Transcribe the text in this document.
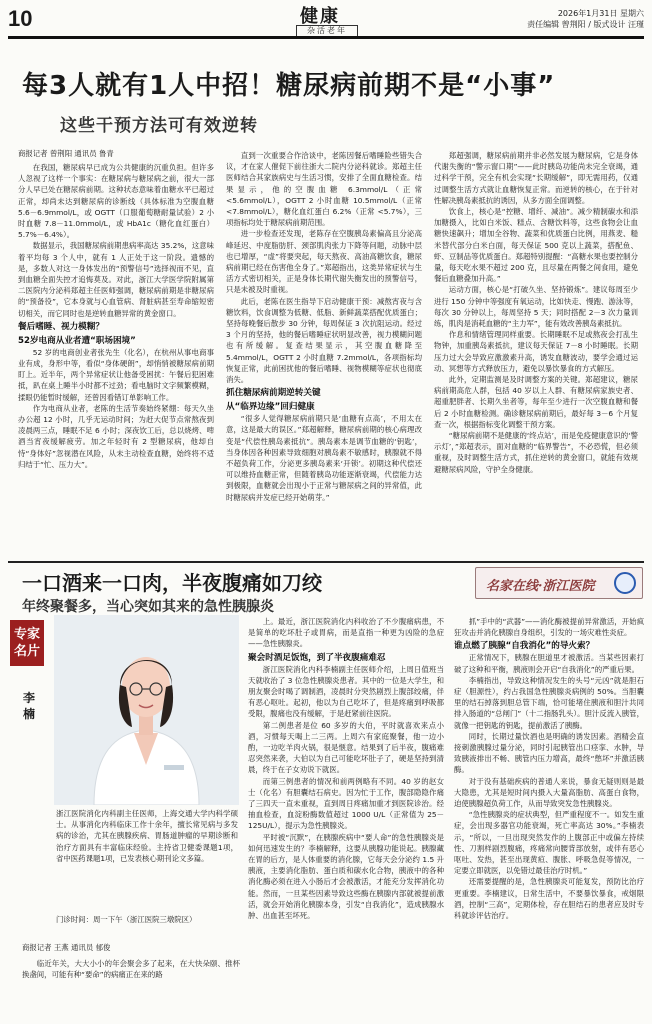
10	健康
杂活老年
2026年1月31日 星期六
责任编辑 曾荆阳 / 版式设计 汪瑾
每3人就有1人中招！糖尿病前期不是“小事”
这些干预方法可有效逆转
商报记者 曾荆阳 通讯员 鲁青

在我国，糖尿病早已成为公共健康的沉重负担。但许多人忽视了这样一个事实：在糖尿病与糖尿病之前，很大一部分人早已处在糖尿病前期。这种状态意味着血糖水平已超过正常，却尚未达到糖尿病的诊断线（具体标准为空腹血糖 5.6－6.9mmol/L，或 OGTT（口服葡萄糖耐量试验）2 小时血糖 7.8－11.0mmol/L，或 HbA1c（糖化血红蛋白）5.7%－6.4%）。

数据显示，我国糖尿病前期患病率高达 35.2%，这意味着平均每 3 个人中，就有 1 人正处于这一阶段。遗憾的是，多数人对这一身体发出的“预警信号”选择视而不见，直到血糖全面失控才追悔莫及。对此，浙江大学医学院附属第二医院内分泌科郑超主任医师强调，糖尿病前期是非糖尿病的“预备役”，它本身就与心血管病、肾脏病甚至寿命缩短密切相关，而它同时也是逆转血糖异常的黄金窗口。

餐后嗜睡、视力模糊？

52岁电商从业者遭“职场困境”

52 岁的电商创业者张先生（化名），在杭州从事电商事业有成，身形中等，看似“身体硬朗”，却悄悄被糖尿病前期盯上。近半年，两个异常症状让他备受困扰：午餐后犯困难抵，趴在桌上睡半小时都不过劲；看电脑时文字频繁模糊，揉眼仍能暂时缓解，还曾因看错订单影响工作。

作为电商从业者，老陈的生活节奏始终紧绷：每天久坐办公超 12 小时，几乎无运动时间；为赶大促节点常熬夜到凌晨两三点，睡眠不足 6 小时；深夜饮工后，总以烧烤、啤酒当宵夜缓解疲劳。加之年轻时有 2 型糖尿病，他却自恃“身体好”忽视潜在风险，从未主动检查血糖，始终将不适归结于“忙、压力大”。

直到一次重要合作洽谈中，老陈因餐后嗜睡险些错失合议，才在家人催促下前往浙大二院内分泌科就诊。郑超主任医师结合其家族病史与生活习惯，安排了全面血糖检查。结果显示，他的空腹血糖 6.3mmol/L（正常 <5.6mmol/L），OGTT 2 小时血糖 10.5mmol/L（正常 <7.8mmol/L），糖化血红蛋白 6.2%（正常 <5.7%），三项指标均处于糖尿病前期范围。

进一步检查还发现，老陈存在空腹胰岛素偏高且分泌高峰延迟、中度脂肪肝、颈部肌肉张力下降等问题，动脉中层也已增厚，“虚”将要突起，每天熬夜、高油高糖饮食，糖尿病前期已经在伤害他全身了。”郑超指出，这类异常症状与生活方式密切相关，正是身体长期代谢失衡发出的预警信号，只是未被及时重视。

此后，老陈在医生指导下启动健康干预：减熬宵夜与含糖饮料，饮食调整为低糖、低脂、新鲜蔬菜搭配优质蛋白；坚持每晚餐后散步 30 分钟，每周保证 3 次抗阻运动。经过 3 个月的坚持，他的餐后嗜睡症状明显改善，视力模糊问题也有所缓解。复查结果显示，其空腹血糖降至 5.4mmol/L，OGTT 2 小时血糖 7.2mmol/L，各项指标均恢复正常，此前困扰他的餐后嗜睡、视物模糊等症状也彻底消失。

抓住糖尿病前期逆转关键

从“临界边缘”回归健康

“很多人觉得糖尿病前期只是‘血糖有点高’，不用太在意，这是最大的误区。”郑超解释，糖尿病前期的核心病理改变是“代偿性胰岛素抵抗”。胰岛素本是调节血糖的‘钥匙’，当身体因各种因素导致细胞对胰岛素不敏感时，胰腺就不得不超负荷工作，分泌更多胰岛素来‘开锁’。初期这种代偿还可以维持血糖正常，但随着胰岛功能逐渐衰竭，代偿能力达到极限，血糖就会出现小于正常与糖尿病之间的异常值，此时糖尿病并发症已经开始萌芽。”

郑超强调，糖尿病前期并非必然发展为糖尿病，它是身体代谢失衡的“警示窗口期”——此时胰岛功能尚未完全衰竭，通过科学干预，完全有机会实现“长期缓解”，即无需用药，仅通过调整生活方式就让血糖恢复正常。而逆转的核心，在于针对性解决胰岛素抵抗的诱因，从多方面全面调整。

饮食上，核心是“控糖、增纤、减油”。减少精制碳水和添加糖摄入，比如白米饭、糕点、含糖饮料等，这些食物会让血糖快速飙升；增加全谷物、蔬菜和优质蛋白比例，用燕麦、糙米替代部分白米白面，每天保证 500 克以上蔬菜，搭配鱼、虾、豆制品等优质蛋白。郑超特别提醒：“高糖水果也要控制分量，每天吃水果不超过 200 克，且尽量在两餐之间食用，避免餐后血糖叠加升高。”

运动方面，核心是“打破久坐、坚持锻炼”。建议每周至少进行 150 分钟中等强度有氧运动，比如快走、慢跑、游泳等，每次 30 分钟以上，每周坚持 5 天；同时搭配 2－3 次力量训练，肌肉是消耗血糖的“主力军”，能有效改善胰岛素抵抗。

作息和情绪管理同样重要。长期睡眠不足或熬夜会打乱生物钟，加重胰岛素抵抗，建议每天保证 7－8 小时睡眠。长期压力过大会导致应激激素升高，诱发血糖波动，要学会通过运动、冥想等方式释放压力，避免以暴饮暴食的方式解压。

此外，定期监测是及时调整方案的关键。郑超建议，糖尿病前期高危人群，包括 40 岁以上人群、有糖尿病家族史者、超重肥胖者、长期久坐者等，每年至少进行一次空腹血糖和餐后 2 小时血糖检测。确诊糖尿病前期后，最好每 3－6 个月复查一次，根据指标变化调整干预方案。

“糖尿病前期不是健康的‘终点站’，而是免疫健康意识的‘警示灯’，”郑超表示，面对血糖的“临界警告”，不必恐慌，但必须重视，及时调整生活方式，抓住逆转的黄金窗口，就能有效规避糖尿病风险，守护全身健康。

一口酒来一口肉，半夜腹痛如刀绞
年终聚餐多，当心突如其来的急性胰腺炎
名家在线·浙江医院
专家名片
李楠
浙江医院消化内科副主任医师，上海交通大学内科学硕士。从事消化内科临床工作十余年，擅长常见病与多发病的诊治，尤其在胰腺疾病、胃肠道肿瘤的早期诊断和治疗方面具有丰富临床经验。主持省卫健委课题1项，省中医药课题1项，已发表核心期刊论文多篇。
门诊时间：周一下午（浙江医院三墩院区）
商报记者 王燕 通讯员 郁俊

临近年关，大大小小的年会聚会多了起来，在大快朵颐、推杯换盏间，可能有种“要命”的病痛正在来的路

上。最近，浙江医院消化内科收治了不少腹痛病患，不是简单的吃坏肚子或胃病，而是直指一种更为凶险的急症——急性胰腺炎。

聚会时酒足饭饱，到了半夜腹痛难忍

浙江医院消化内科李楠副主任医师介绍，上周日值班当天就收治了 3 位急性胰腺炎患者。其中的一位是大学生，和朋友聚会时喝了调制酒，凌晨时分突然剧烈上腹部绞痛，伴有恶心呕吐。起初，他以为自己吃坏了，但是疼痛到呼吸都受限，腹痛也没有缓解，于是赶紧前往医院。

第二例患者是位 60 多岁的大伯，平时就喜欢来点小酒，习惯每天喝上二三两。上周六有家庭聚餐，他一边小酌，一边吃羊肉火锅，很是惬意。结果到了后半夜，腹痛难忍突然来袭，大伯以为自己可能吃坏肚子了，硬是坚持到清晨，终于在子女劝说下就医。

而第三例患者的情况和前两例略有不同。40 岁的赵女士（化名）有胆囊结石病史。因为忙于工作，腹部隐隐作痛了三四天一直未重视，直到周日疼痛加重才到医院诊治。经抽血检查，血淀粉酶数值超过 1000 U/L（正常值为 25－125U/L），提示为急性胰腺炎。

平时被“沉默”，在胰腺疾病中“要人命”的急性胰腺炎是如何迅速发生的？李楠解释，这要从胰腺功能说起。胰腺藏在胃的后方，是人体重要的消化腺，它每天会分泌约 1.5 升胰液，主要消化脂肪、蛋白质和碳水化合物，胰液中的各种消化酶必须在进入小肠后才会被激活，才能充分发挥消化功能。然而，一旦某些因素导致这些酶在胰腺内部就被提前激活，就会开始消化胰腺本身，引发“自我消化”，造成胰腺水肿、出血甚至坏死。

抓”手中的“武器”——消化酶被提前异常激活，开始疯狂攻击并消化胰腺自身组织，引发的一场灾难性炎症。

谁点燃了胰腺“自我消化”的导火索？

正常情况下，胰腺在胆道里才被激活。当某些因素打破了这种和平衡，胰液则会开启“自我消化”的严重后果。

李楠指出，导致这种情况发生的头号“元凶”就是胆石症（胆源性），约占我国急性胰腺炎病例的 50%。当胆囊里的结石掉落到胆总管下端，恰可能堵住胰液和胆汁共同排入肠道的“总闸门”（十二指肠乳头）。胆汁反流入胰管，就像一把钥匙的钥匙，提前激活了胰酶。

同时，长期过量饮酒也是明确的诱发因素。酒精会直接刺激胰腺过量分泌，同时引起胰管出口痉挛、水肿，导致胰液排出不畅、胰管内压力增高，最终“憋坏”并激活胰酶。

对于没有基础疾病的普通人来说，暴食无疑则则是最大隐患，尤其是短时间内摄入大量高脂肪、高蛋白食物，迫使胰腺超负荷工作，从而导致突发急性胰腺炎。

“急性胰腺炎的症状典型，但严重程度不一。如发生重症，会出现多器官功能衰竭，死亡率高达 30%。”李楠表示，“所以，一旦出现突然发作的上腹部正中或偏左持续性、刀割样剧烈腹痛，疼痛常向腰背部放射，或伴有恶心呕吐、发热，甚至出现黄疸、腹胀、呼吸急促等情况，一定要立即就医，以免错过最佳治疗时机。”

还需要提醒的是，急性胰腺炎可能复发，预防比治疗更重要。李楠建议，日常生活中，不要暴饮暴食，戒烟限酒，控制“三高”，定期体检，存在胆结石的患者应及时专科就诊评估治疗。
